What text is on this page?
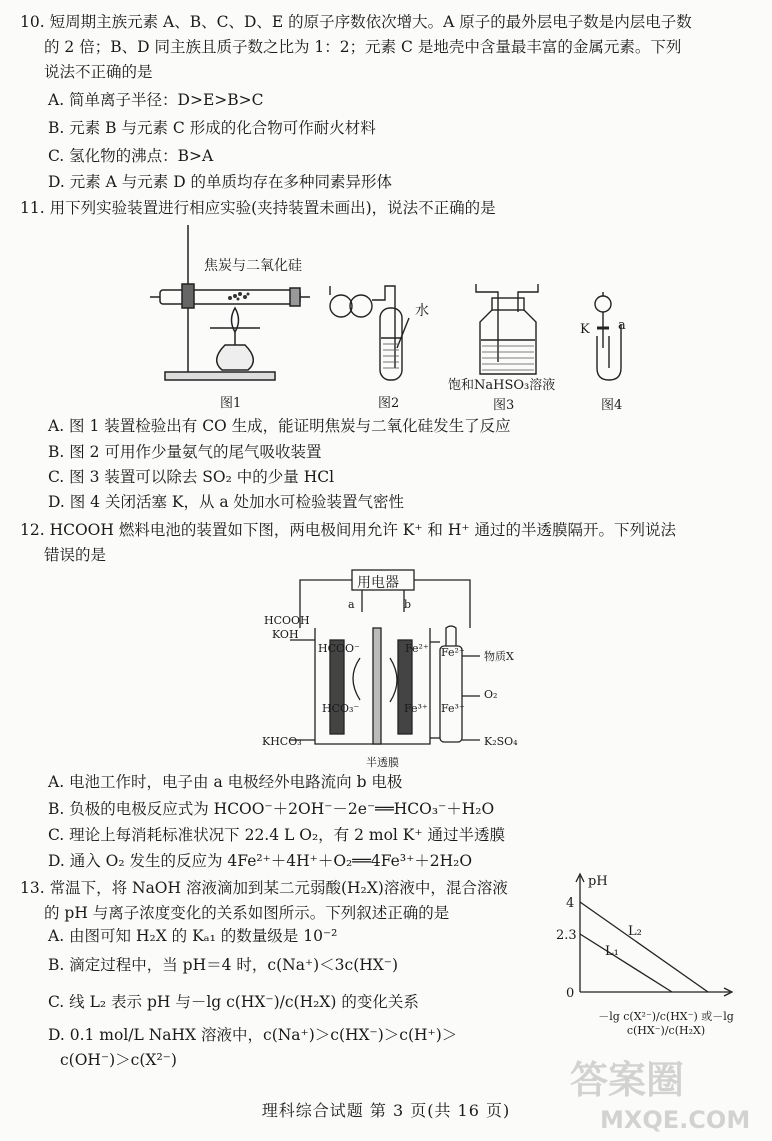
10. 短周期主族元素 A、B、C、D、E 的原子序数依次增大。A 原子的最外层电子数是内层电子数
的 2 倍；B、D 同主族且质子数之比为 1：2；元素 C 是地壳中含量最丰富的金属元素。下列
说法不正确的是
A. 简单离子半径：D>E>B>C
B. 元素 B 与元素 C 形成的化合物可作耐火材料
C. 氢化物的沸点：B>A
D. 元素 A 与元素 D 的单质均存在多种同素异形体
11. 用下列实验装置进行相应实验(夹持装置未画出)，说法不正确的是
焦炭与二氧化硅
图1
水
图2
饱和NaHSO₃溶液
图3
K a
图4
A. 图 1 装置检验出有 CO 生成，能证明焦炭与二氧化硅发生了反应
B. 图 2 可用作少量氨气的尾气吸收装置
C. 图 3 装置可以除去 SO₂ 中的少量 HCl
D. 图 4 关闭活塞 K，从 a 处加水可检验装置气密性
12. HCOOH 燃料电池的装置如下图，两电极间用允许 K⁺ 和 H⁺ 通过的半透膜隔开。下列说法
错误的是
用电器
a	b
HCOOH
KOH
HCOO⁻
HCO₃⁻
Fe²⁺
Fe³⁺
Fe²⁺
Fe³⁺
物质X
O₂
KHCO₃	K₂SO₄
半透膜
A. 电池工作时，电子由 a 电极经外电路流向 b 电极
B. 负极的电极反应式为 HCOO⁻＋2OH⁻－2e⁻══HCO₃⁻＋H₂O
C. 理论上每消耗标准状况下 22.4 L O₂，有 2 mol K⁺ 通过半透膜
D. 通入 O₂ 发生的反应为 4Fe²⁺＋4H⁺＋O₂══4Fe³⁺＋2H₂O
13. 常温下，将 NaOH 溶液滴加到某二元弱酸(H₂X)溶液中，混合溶液
的 pH 与离子浓度变化的关系如图所示。下列叙述正确的是
A. 由图可知 H₂X 的 Kₐ₁ 的数量级是 10⁻²
B. 滴定过程中，当 pH＝4 时，c(Na⁺)＜3c(HX⁻)
C. 线 L₂ 表示 pH 与－lg c(HX⁻)/c(H₂X) 的变化关系
D. 0.1 mol/L NaHX 溶液中，c(Na⁺)＞c(HX⁻)＞c(H⁺)＞
c(OH⁻)＞c(X²⁻)
pH
4
2.3
0
L₂
L₁
－lg c(X²⁻)/c(HX⁻) 或－lg c(HX⁻)/c(H₂X)
理科综合试题 第 3 页(共 16 页)
答案圈
MXQE.COM
